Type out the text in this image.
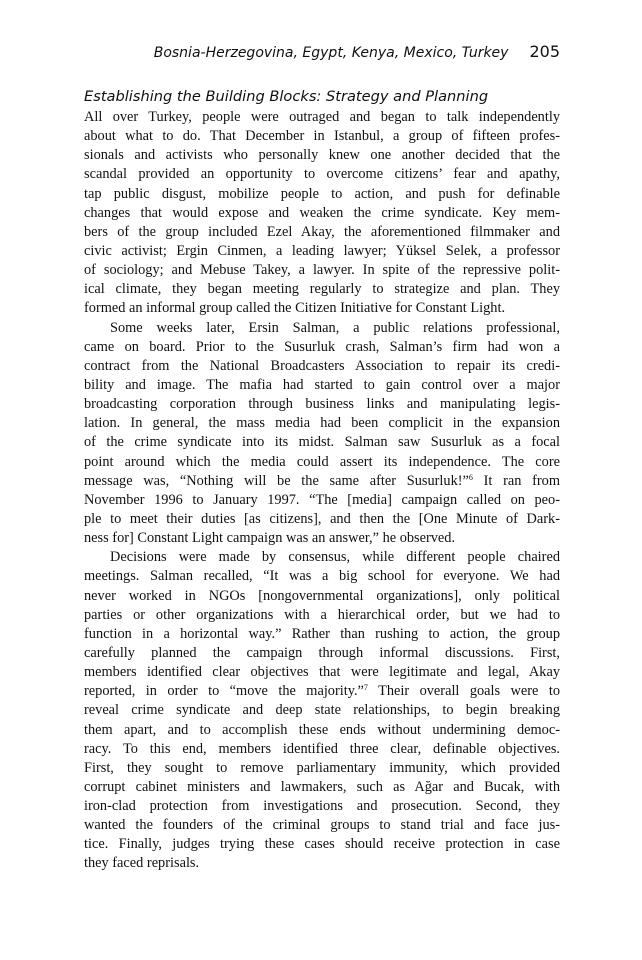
Bosnia-Herzegovina, Egypt, Kenya, Mexico, Turkey 205
Establishing the Building Blocks: Strategy and Planning
All over Turkey, people were outraged and began to talk independently
about what to do. That December in Istanbul, a group of fifteen profes-
sionals and activists who personally knew one another decided that the
scandal provided an opportunity to overcome citizens’ fear and apathy,
tap public disgust, mobilize people to action, and push for definable
changes that would expose and weaken the crime syndicate. Key mem-
bers of the group included Ezel Akay, the aforementioned filmmaker and
civic activist; Ergin Cinmen, a leading lawyer; Yüksel Selek, a professor
of sociology; and Mebuse Takey, a lawyer. In spite of the repressive polit-
ical climate, they began meeting regularly to strategize and plan. They
formed an informal group called the Citizen Initiative for Constant Light.
Some weeks later, Ersin Salman, a public relations professional,
came on board. Prior to the Susurluk crash, Salman’s firm had won a
contract from the National Broadcasters Association to repair its credi-
bility and image. The mafia had started to gain control over a major
broadcasting corporation through business links and manipulating legis-
lation. In general, the mass media had been complicit in the expansion
of the crime syndicate into its midst. Salman saw Susurluk as a focal
point around which the media could assert its independence. The core
message was, “Nothing will be the same after Susurluk!”$^6$ It ran from
November 1996 to January 1997. “The [media] campaign called on peo-
ple to meet their duties [as citizens], and then the [One Minute of Dark-
ness for] Constant Light campaign was an answer,” he observed.
Decisions were made by consensus, while different people chaired
meetings. Salman recalled, “It was a big school for everyone. We had
never worked in NGOs [nongovernmental organizations], only political
parties or other organizations with a hierarchical order, but we had to
function in a horizontal way.” Rather than rushing to action, the group
carefully planned the campaign through informal discussions. First,
members identified clear objectives that were legitimate and legal, Akay
reported, in order to “move the majority.”$^7$ Their overall goals were to
reveal crime syndicate and deep state relationships, to begin breaking
them apart, and to accomplish these ends without undermining democ-
racy. To this end, members identified three clear, definable objectives.
First, they sought to remove parliamentary immunity, which provided
corrupt cabinet ministers and lawmakers, such as Ağar and Bucak, with
iron-clad protection from investigations and prosecution. Second, they
wanted the founders of the criminal groups to stand trial and face jus-
tice. Finally, judges trying these cases should receive protection in case
they faced reprisals.
